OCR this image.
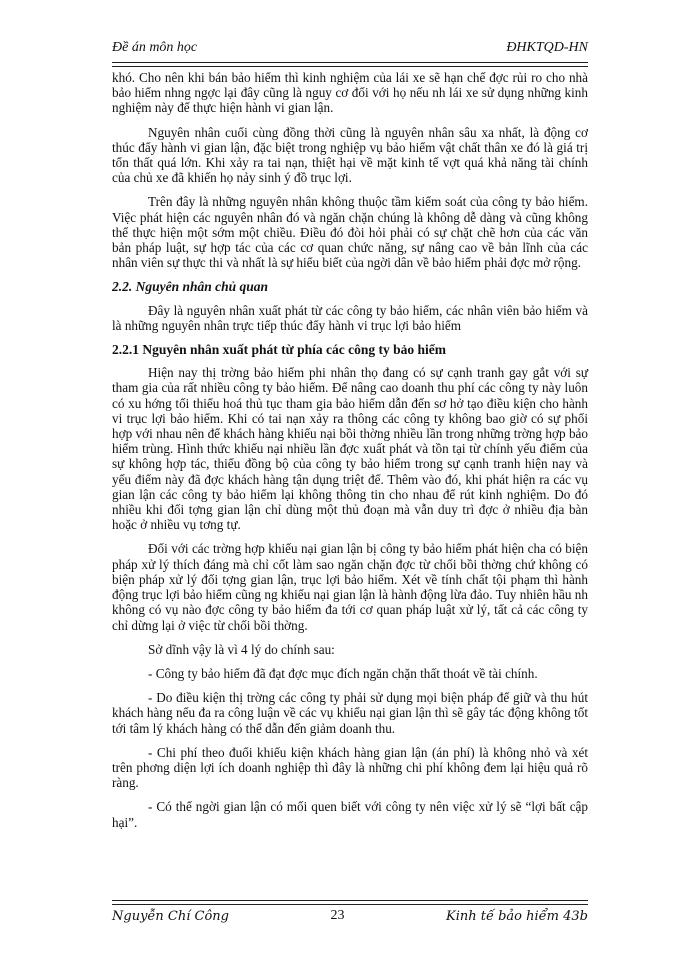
Đề án môn học	ĐHKTQD-HN

khó. Cho nên khi bán bảo hiểm thì kinh nghiệm của lái xe sẽ hạn chế đợc rủi ro cho nhà bảo hiểm nhng ngợc lại đây cũng là nguy cơ đối với họ nếu nh lái xe sử dụng những kinh nghiệm này để thực hiện hành vi gian lận.

Nguyên nhân cuối cùng đồng thời cũng là nguyên nhân sâu xa nhất, là động cơ thúc đẩy hành vi gian lận, đặc biệt trong nghiệp vụ bảo hiểm vật chất thân xe đó là giá trị tổn thất quá lớn. Khi xảy ra tai nạn, thiệt hại về mặt kinh tế vợt quá khả năng tài chính của chủ xe đã khiến họ nảy sinh ý đồ trục lợi.

Trên đây là những nguyên nhân không thuộc tầm kiểm soát của công ty bảo hiểm. Việc phát hiện các nguyên nhân đó và ngăn chặn chúng là không dễ dàng và cũng không thể thực hiện một sớm một chiều. Điều đó đòi hỏi phải có sự chặt chẽ hơn của các văn bản pháp luật, sự hợp tác của các cơ quan chức năng, sự nâng cao về bản lĩnh của các nhân viên sự thực thi và nhất là sự hiểu biết của ngời dân về bảo hiểm phải đợc mở rộng.

2.2. Nguyên nhân chủ quan

Đây là nguyên nhân xuất phát từ các công ty bảo hiểm, các nhân viên bảo hiểm và là những nguyên nhân trực tiếp thúc đẩy hành vi trục lợi bảo hiểm

2.2.1 Nguyên nhân xuất phát từ phía các công ty bảo hiểm

Hiện nay thị trờng bảo hiểm phi nhân thọ đang có sự cạnh tranh gay gắt với sự tham gia của rất nhiều công ty bảo hiểm. Để nâng cao doanh thu phí các công ty này luôn có xu hớng tối thiểu hoá thủ tục tham gia bảo hiểm dẫn đến sơ hở tạo điều kiện cho hành vi trục lợi bảo hiểm. Khi có tai nạn xảy ra thông các công ty không bao giờ có sự phối hợp với nhau nên để khách hàng khiếu nại bồi thờng nhiều lần trong những trờng hợp bảo hiểm trùng. Hình thức khiếu nại nhiều lần đợc xuất phát và tồn tại từ chính yếu điểm của sự không hợp tác, thiếu đồng bộ của công ty bảo hiểm trong sự cạnh tranh hiện nay và yếu điểm này đã đợc khách hàng tận dụng triệt để. Thêm vào đó, khi phát hiện ra các vụ gian lận các công ty bảo hiểm lại không thông tin cho nhau để rút kinh nghiệm. Do đó nhiều khi đối tợng gian lận chỉ dùng một thủ đoạn mà vẫn duy trì đợc ở nhiều địa bàn hoặc ở nhiều vụ tơng tự.

Đối với các trờng hợp khiếu nại gian lận bị công ty bảo hiểm phát hiện cha có biện pháp xử lý thích đáng mà chỉ cốt làm sao ngăn chặn đợc từ chối bồi thờng chứ không có biện pháp xử lý đối tợng gian lận, trục lợi bảo hiểm. Xét về tính chất tội phạm thì hành động trục lợi bảo hiểm cũng ng khiếu nại gian lận là hành động lừa đảo. Tuy nhiên hầu nh không có vụ nào đợc công ty bảo hiểm đa tới cơ quan pháp luật xử lý, tất cả các công ty chỉ dừng lại ở việc từ chối bồi thờng.

Sở dĩnh vậy là vì 4 lý do chính sau:

- Công ty bảo hiểm đã đạt đợc mục đích ngăn chặn thất thoát về tài chính.

- Do điều kiện thị trờng các công ty phải sử dụng mọi biện pháp để giữ và thu hút khách hàng nếu đa ra công luận về các vụ khiếu nại gian lận thì sẽ gây tác động không tốt tới tâm lý khách hàng có thể dẫn đến giảm doanh thu.

- Chi phí theo đuổi khiếu kiện khách hàng gian lận (án phí) là không nhỏ và xét trên phơng diện lợi ích doanh nghiệp thì đây là những chi phí không đem lại hiệu quả rõ ràng.

- Có thể ngời gian lận có mối quen biết với công ty nên việc xử lý sẽ “lợi bất cập hại”.

Nguyễn Chí Công	23	Kinh tế bảo hiểm 43b
